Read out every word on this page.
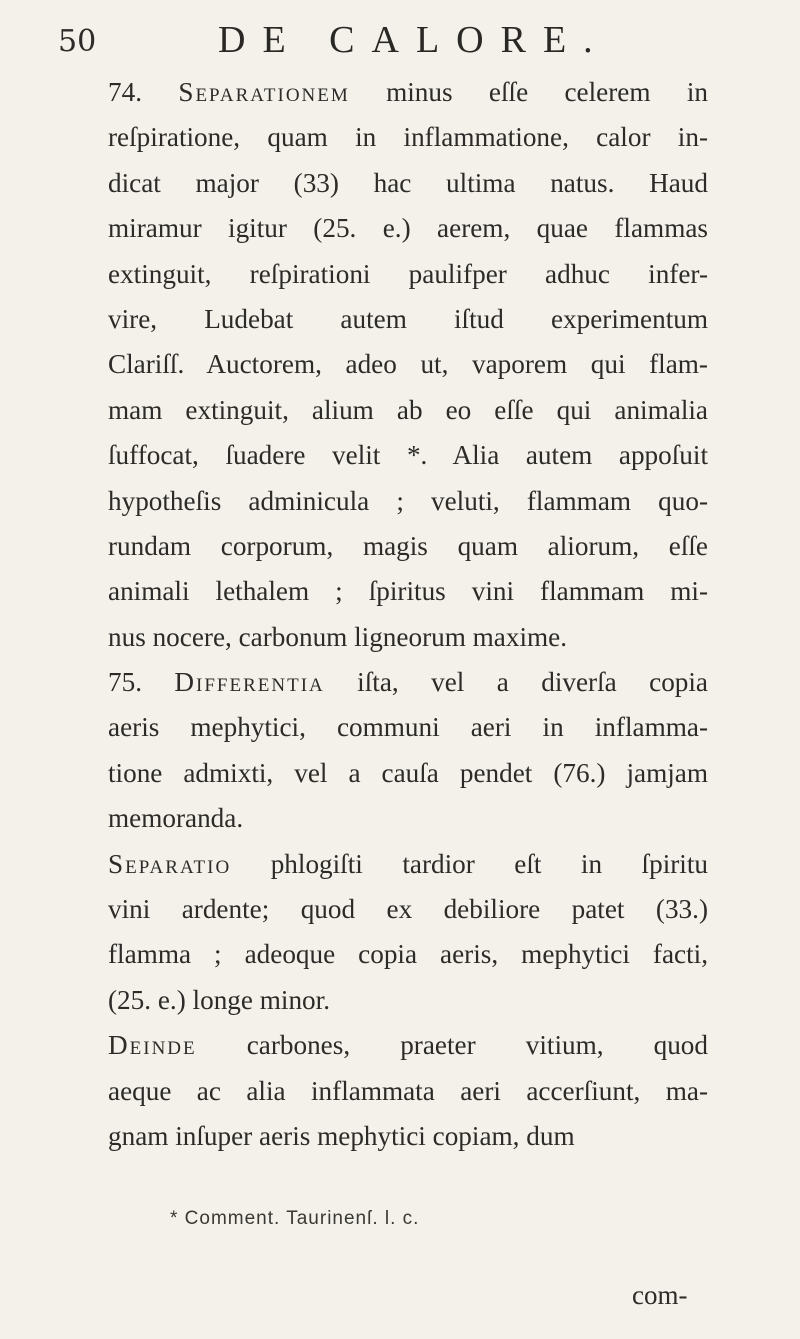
50	DE CALORE.
74. Separationem minus eſſe celerem in
reſpiratione, quam in inflammatione, calor in-
dicat major (33) hac ultima natus. Haud
miramur igitur (25. e.) aerem, quae flammas
extinguit, reſpirationi paulifper adhuc infer-
vire, Ludebat autem iſtud experimentum
Clariſſ. Auctorem, adeo ut, vaporem qui flam-
mam extinguit, alium ab eo eſſe qui animalia
ſuffocat, ſuadere velit *. Alia autem appoſuit
hypotheſis adminicula ; veluti, flammam quo-
rundam corporum, magis quam aliorum, eſſe
animali lethalem ; ſpiritus vini flammam mi-
nus nocere, carbonum ligneorum maxime.
75. Differentia iſta, vel a diverſa copia
aeris mephytici, communi aeri in inflamma-
tione admixti, vel a cauſa pendet (76.) jamjam
memoranda.
Separatio phlogiſti tardior eſt in ſpiritu
vini ardente; quod ex debiliore patet (33.)
flamma ; adeoque copia aeris, mephytici facti,
(25. e.) longe minor.
Deinde carbones, praeter vitium, quod
aeque ac alia inflammata aeri accerſiunt, ma-
gnam inſuper aeris mephytici copiam, dum
* Comment. Taurinenſ. l. c.
com-
